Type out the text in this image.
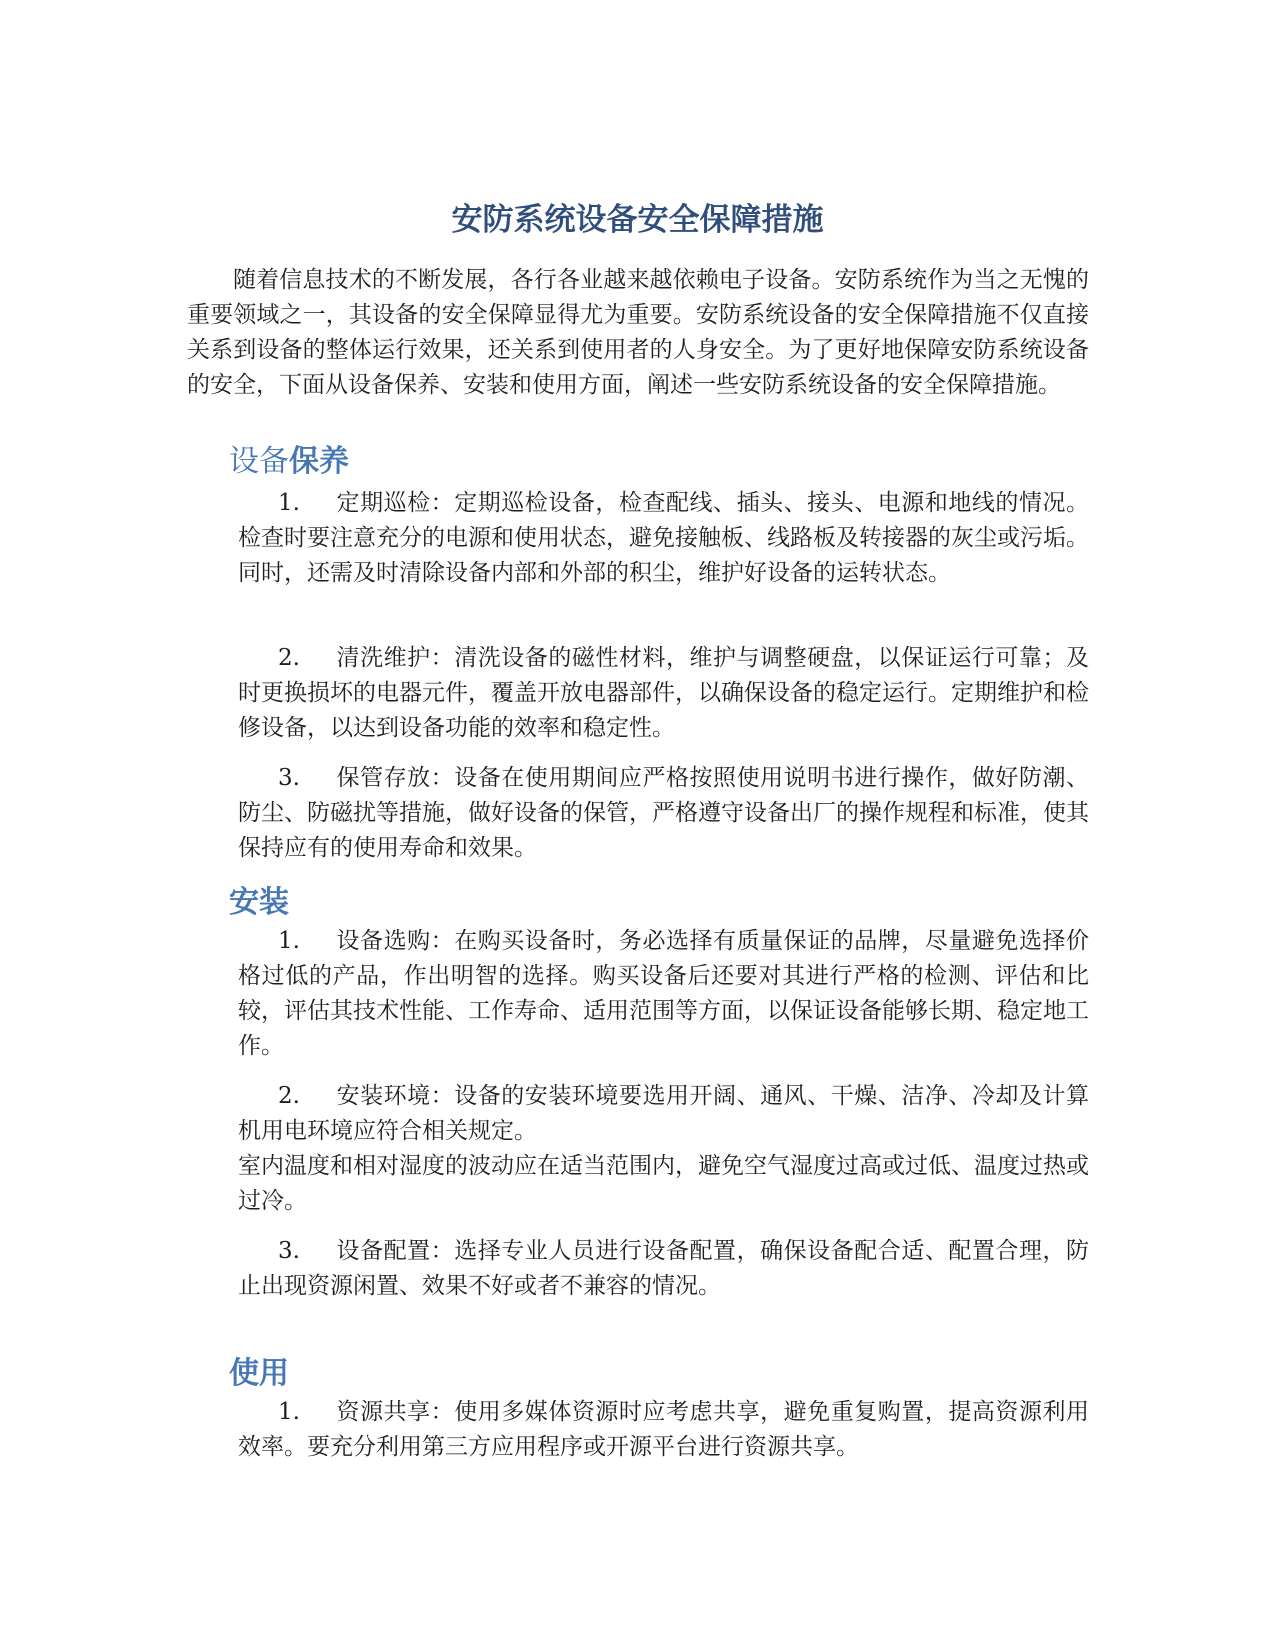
安防系统设备安全保障措施

随着信息技术的不断发展，各行各业越来越依赖电子设备。安防系统作为当之无愧的重要领域之一，其设备的安全保障显得尤为重要。安防系统设备的安全保障措施不仅直接关系到设备的整体运行效果，还关系到使用者的人身安全。为了更好地保障安防系统设备的安全，下面从设备保养、安装和使用方面，阐述一些安防系统设备的安全保障措施。

设备保养

1. 定期巡检：定期巡检设备，检查配线、插头、接头、电源和地线的情况。检查时要注意充分的电源和使用状态，避免接触板、线路板及转接器的灰尘或污垢。同时，还需及时清除设备内部和外部的积尘，维护好设备的运转状态。

2. 清洗维护：清洗设备的磁性材料，维护与调整硬盘，以保证运行可靠；及时更换损坏的电器元件，覆盖开放电器部件，以确保设备的稳定运行。定期维护和检修设备，以达到设备功能的效率和稳定性。

3. 保管存放：设备在使用期间应严格按照使用说明书进行操作，做好防潮、防尘、防磁扰等措施，做好设备的保管，严格遵守设备出厂的操作规程和标准，使其保持应有的使用寿命和效果。

安装

1. 设备选购：在购买设备时，务必选择有质量保证的品牌，尽量避免选择价格过低的产品，作出明智的选择。购买设备后还要对其进行严格的检测、评估和比较，评估其技术性能、工作寿命、适用范围等方面，以保证设备能够长期、稳定地工作。

2. 安装环境：设备的安装环境要选用开阔、通风、干燥、洁净、冷却及计算机用电环境应符合相关规定。
室内温度和相对湿度的波动应在适当范围内，避免空气湿度过高或过低、温度过热或过冷。

3. 设备配置：选择专业人员进行设备配置，确保设备配合适、配置合理，防止出现资源闲置、效果不好或者不兼容的情况。

使用

1. 资源共享：使用多媒体资源时应考虑共享，避免重复购置，提高资源利用效率。要充分利用第三方应用程序或开源平台进行资源共享。
